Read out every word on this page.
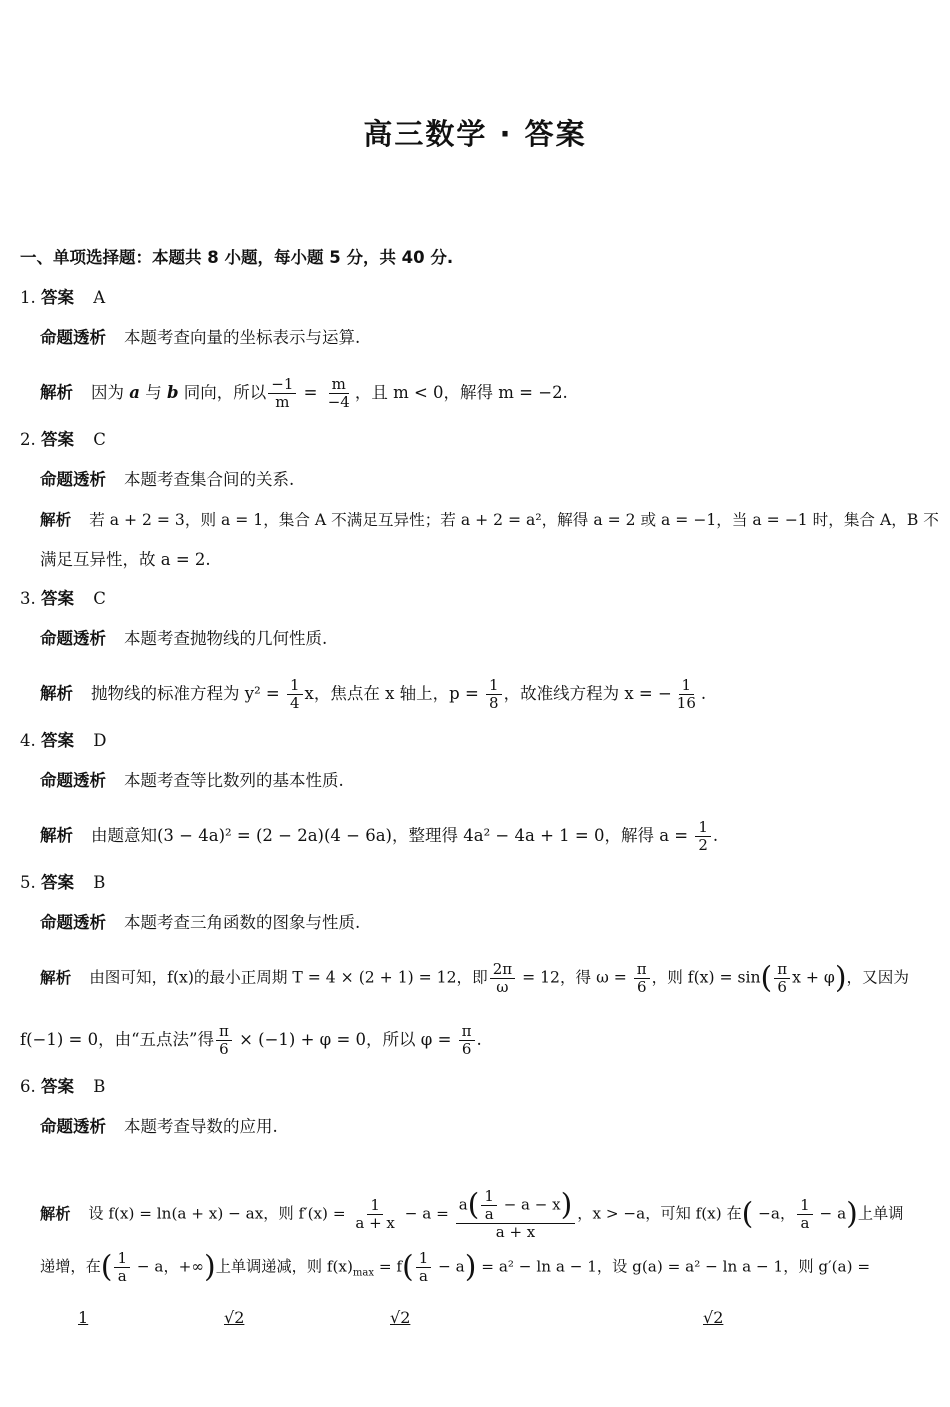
高三数学 · 答案
一、单项选择题：本题共 8 小题，每小题 5 分，共 40 分.
1. 答案 A
命题透析 本题考查向量的坐标表示与运算.
解析 因为 a 与 b 同向，所以 $\frac{-1}{m} = \frac{m}{-4}$ ，且 m < 0，解得 m = −2.
2. 答案 C
命题透析 本题考查集合间的关系.
解析 若 a + 2 = 3，则 a = 1，集合 A 不满足互异性；若 a + 2 = a²，解得 a = 2 或 a = −1，当 a = −1 时，集合 A，B 不
满足互异性，故 a = 2.
3. 答案 C
命题透析 本题考查抛物线的几何性质.
解析 抛物线的标准方程为 $y^2 = \frac{1}{4}$ x，焦点在 x 轴上，$p = \frac{1}{8}$ ，故准线方程为 x = − $\frac{1}{16}$ .
4. 答案 D
命题透析 本题考查等比数列的基本性质.
解析 由题意知(3 − 4a)² = (2 − 2a)(4 − 6a)，整理得 4a² − 4a + 1 = 0，解得 $a = \frac{1}{2}$ .
5. 答案 B
命题透析 本题考查三角函数的图象与性质.
解析 由图可知，f(x)的最小正周期 T = 4 × (2 + 1) = 12，即 $\frac{2\pi}{\omega} = 12$，得 $\omega = \frac{\pi}{6}$ ，则 $f(x) = \sin( \frac{\pi}{6}$ x + φ)，又因为
f(−1) = 0，由“五点法”得 $\frac{\pi}{6} \times (-1) + \varphi = 0$，所以 $\varphi = \frac{\pi}{6}$ .
6. 答案 B
命题透析 本题考查导数的应用.
解析 设 f(x) = ln(a + x) − ax，则 $f'(x) = \frac{1}{a + x} - a = \frac{a( \frac{1}{a} - a - x)}{a + x}$ ，x > −a，可知 f(x) 在( −a， $\frac{1}{a} - a$)上单调
递增，在( $\frac{1}{a} - a$，+∞)上单调递减，则 $f(x)_{max} = f( \frac{1}{a} - a) = a^2 - \ln a - 1$，设 g(a) = a² − ln a − 1，则 g′(a) =
1	√2	√2	√2
